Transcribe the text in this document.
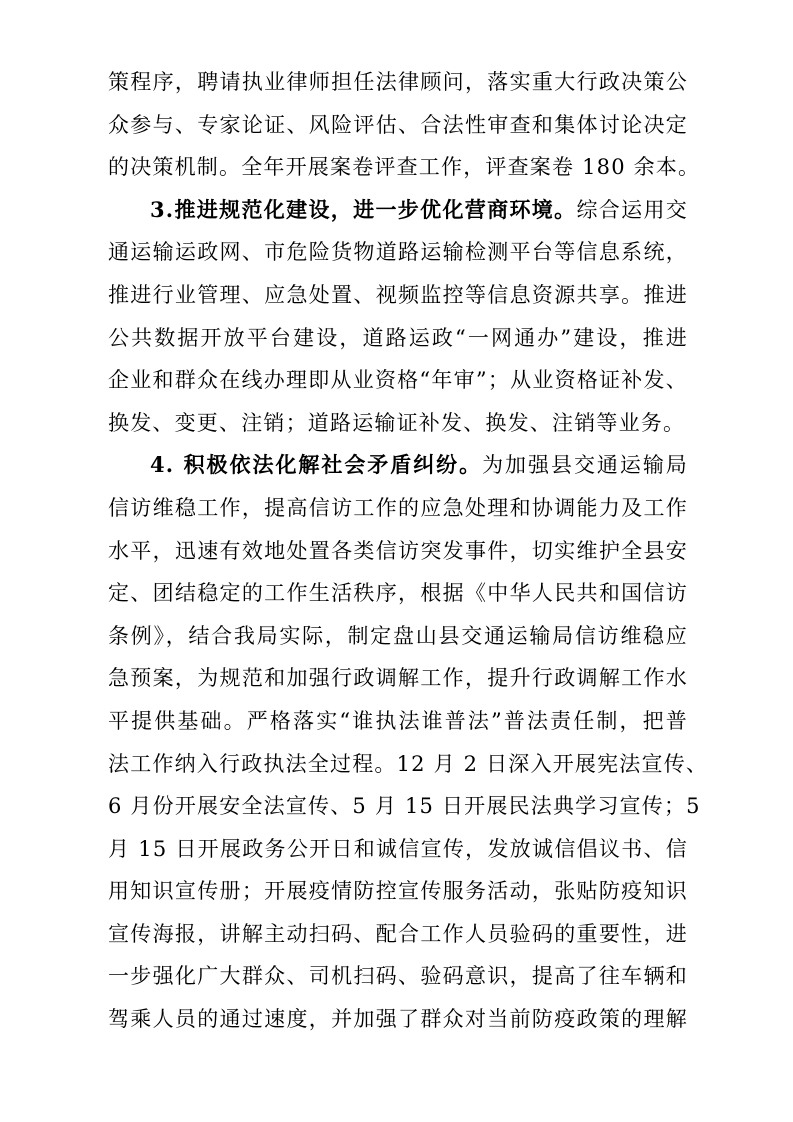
策程序，聘请执业律师担任法律顾问，落实重大行政决策公
众参与、专家论证、风险评估、合法性审查和集体讨论决定
的决策机制。全年开展案卷评查工作，评查案卷 180 余本。
3.推进规范化建设，进一步优化营商环境。综合运用交
通运输运政网、市危险货物道路运输检测平台等信息系统，
推进行业管理、应急处置、视频监控等信息资源共享。推进
公共数据开放平台建设，道路运政“一网通办”建设，推进
企业和群众在线办理即从业资格“年审”；从业资格证补发、
换发、变更、注销；道路运输证补发、换发、注销等业务。
4. 积极依法化解社会矛盾纠纷。为加强县交通运输局
信访维稳工作，提高信访工作的应急处理和协调能力及工作
水平，迅速有效地处置各类信访突发事件，切实维护全县安
定、团结稳定的工作生活秩序，根据《中华人民共和国信访
条例》，结合我局实际，制定盘山县交通运输局信访维稳应
急预案，为规范和加强行政调解工作，提升行政调解工作水
平提供基础。严格落实“谁执法谁普法”普法责任制，把普
法工作纳入行政执法全过程。12 月 2 日深入开展宪法宣传、
6 月份开展安全法宣传、5 月 15 日开展民法典学习宣传；5
月 15 日开展政务公开日和诚信宣传，发放诚信倡议书、信
用知识宣传册；开展疫情防控宣传服务活动，张贴防疫知识
宣传海报，讲解主动扫码、配合工作人员验码的重要性，进
一步强化广大群众、司机扫码、验码意识，提高了往车辆和
驾乘人员的通过速度，并加强了群众对当前防疫政策的理解
